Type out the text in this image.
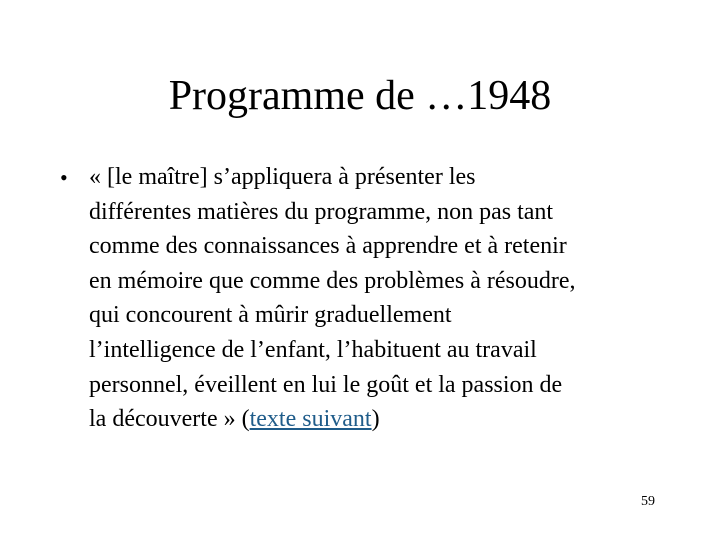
Programme de …1948
• « [le maître] s’appliquera à présenter les
différentes matières du programme, non pas tant
comme des connaissances à apprendre et à retenir
en mémoire que comme des problèmes à résoudre,
qui concourent à mûrir graduellement
l’intelligence de l’enfant, l’habituent au travail
personnel, éveillent en lui le goût et la passion de
la découverte » (texte suivant)
59
